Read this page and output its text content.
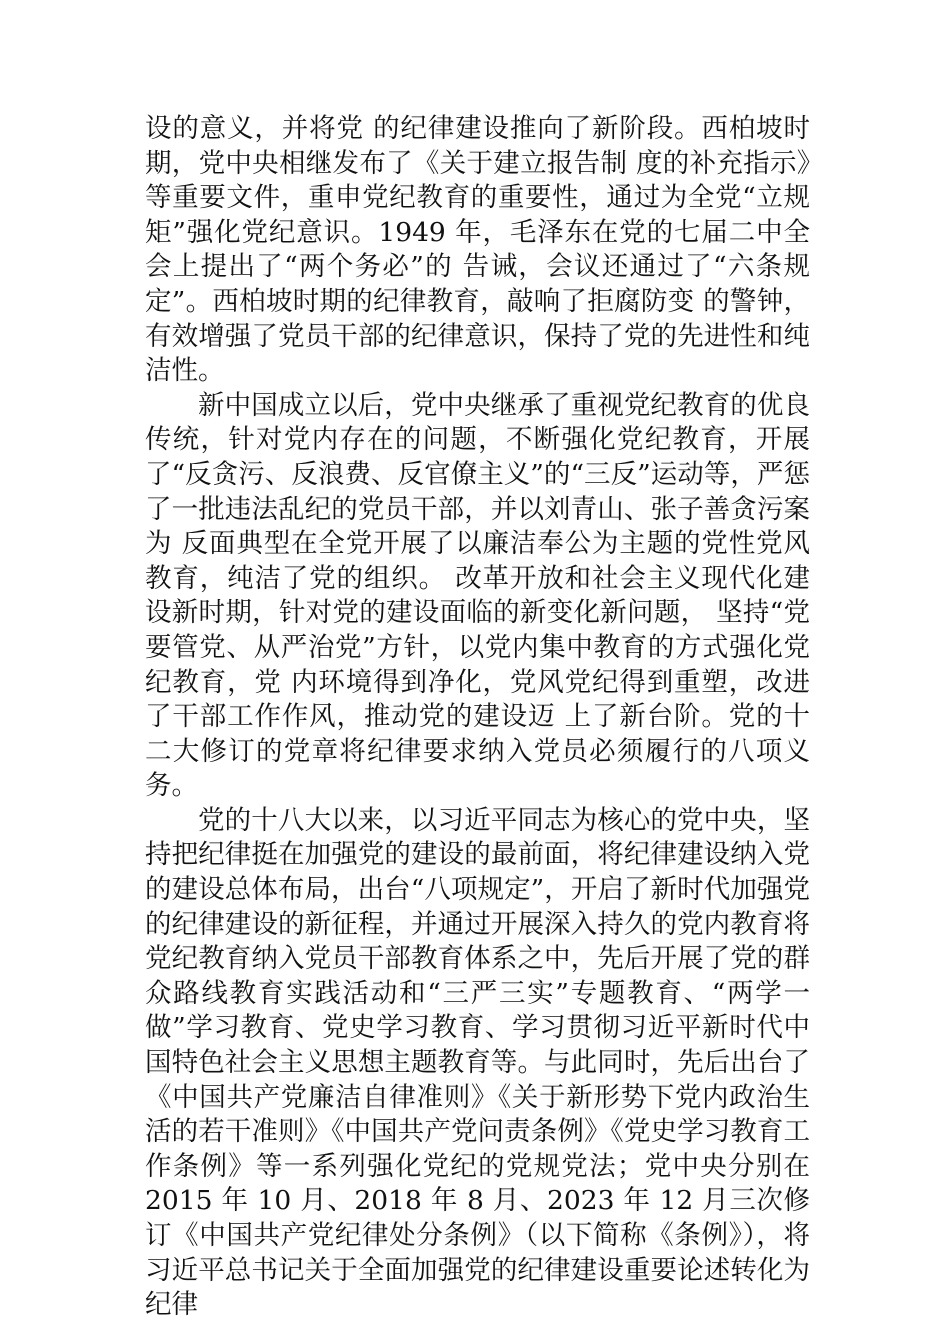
设的意义，并将党 的纪律建设推向了新阶段。西柏坡时期，党中央相继发布了《关于建立报告制 度的补充指示》等重要文件，重申党纪教育的重要性，通过为全党“立规矩”强化党纪意识。1949 年，毛泽东在党的七届二中全会上提出了“两个务必”的 告诫，会议还通过了“六条规定”。西柏坡时期的纪律教育，敲响了拒腐防变 的警钟，有效增强了党员干部的纪律意识，保持了党的先进性和纯洁性。

新中国成立以后，党中央继承了重视党纪教育的优良传统，针对党内存在的问题，不断强化党纪教育，开展了“反贪污、反浪费、反官僚主义”的“三反”运动等，严惩了一批违法乱纪的党员干部，并以刘青山、张子善贪污案为 反面典型在全党开展了以廉洁奉公为主题的党性党风教育，纯洁了党的组织。 改革开放和社会主义现代化建设新时期，针对党的建设面临的新变化新问题， 坚持“党要管党、从严治党”方针，以党内集中教育的方式强化党纪教育，党 内环境得到净化，党风党纪得到重塑，改进了干部工作作风，推动党的建设迈 上了新台阶。党的十二大修订的党章将纪律要求纳入党员必须履行的八项义务。

党的十八大以来，以习近平同志为核心的党中央，坚持把纪律挺在加强党的建设的最前面，将纪律建设纳入党的建设总体布局，出台“八项规定”，开启了新时代加强党的纪律建设的新征程，并通过开展深入持久的党内教育将党纪教育纳入党员干部教育体系之中，先后开展了党的群众路线教育实践活动和“三严三实”专题教育、“两学一做”学习教育、党史学习教育、学习贯彻习近平新时代中国特色社会主义思想主题教育等。与此同时，先后出台了《中国共产党廉洁自律准则》《关于新形势下党内政治生活的若干准则》《中国共产党问责条例》《党史学习教育工作条例》等一系列强化党纪的党规党法；党中央分别在 2015 年 10 月、2018 年 8 月、2023 年 12 月三次修订《中国共产党纪律处分条例》（以下简称《条例》），将习近平总书记关于全面加强党的纪律建设重要论述转化为纪律
